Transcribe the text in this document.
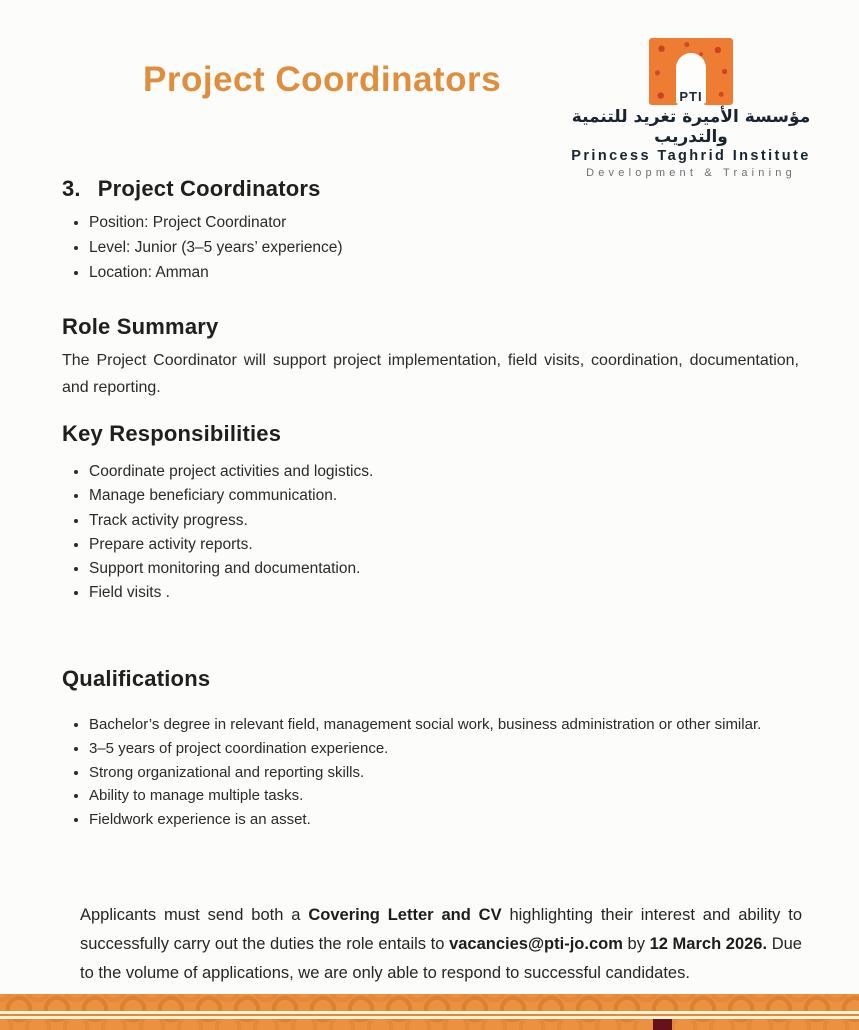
Project Coordinators	PTI
مؤسسة الأميرة تغريد للتنمية والتدريب
Princess Taghrid Institute
Development & Training
3. Project Coordinators
• Position: Project Coordinator
• Level: Junior (3–5 years’ experience)
• Location: Amman
Role Summary

The Project Coordinator will support project implementation, field visits, coordination, documentation, and reporting.

Key Responsibilities
• Coordinate project activities and logistics.
• Manage beneficiary communication.
• Track activity progress.
• Prepare activity reports.
• Support monitoring and documentation.
• Field visits .
Qualifications
• Bachelor’s degree in relevant field, management social work, business administration or other similar.
• 3–5 years of project coordination experience.
• Strong organizational and reporting skills.
• Ability to manage multiple tasks.
• Fieldwork experience is an asset.

Applicants must send both a Covering Letter and CV highlighting their interest and ability to successfully carry out the duties the role entails to vacancies@pti-jo.com by 12 March 2026. Due to the volume of applications, we are only able to respond to successful candidates.
